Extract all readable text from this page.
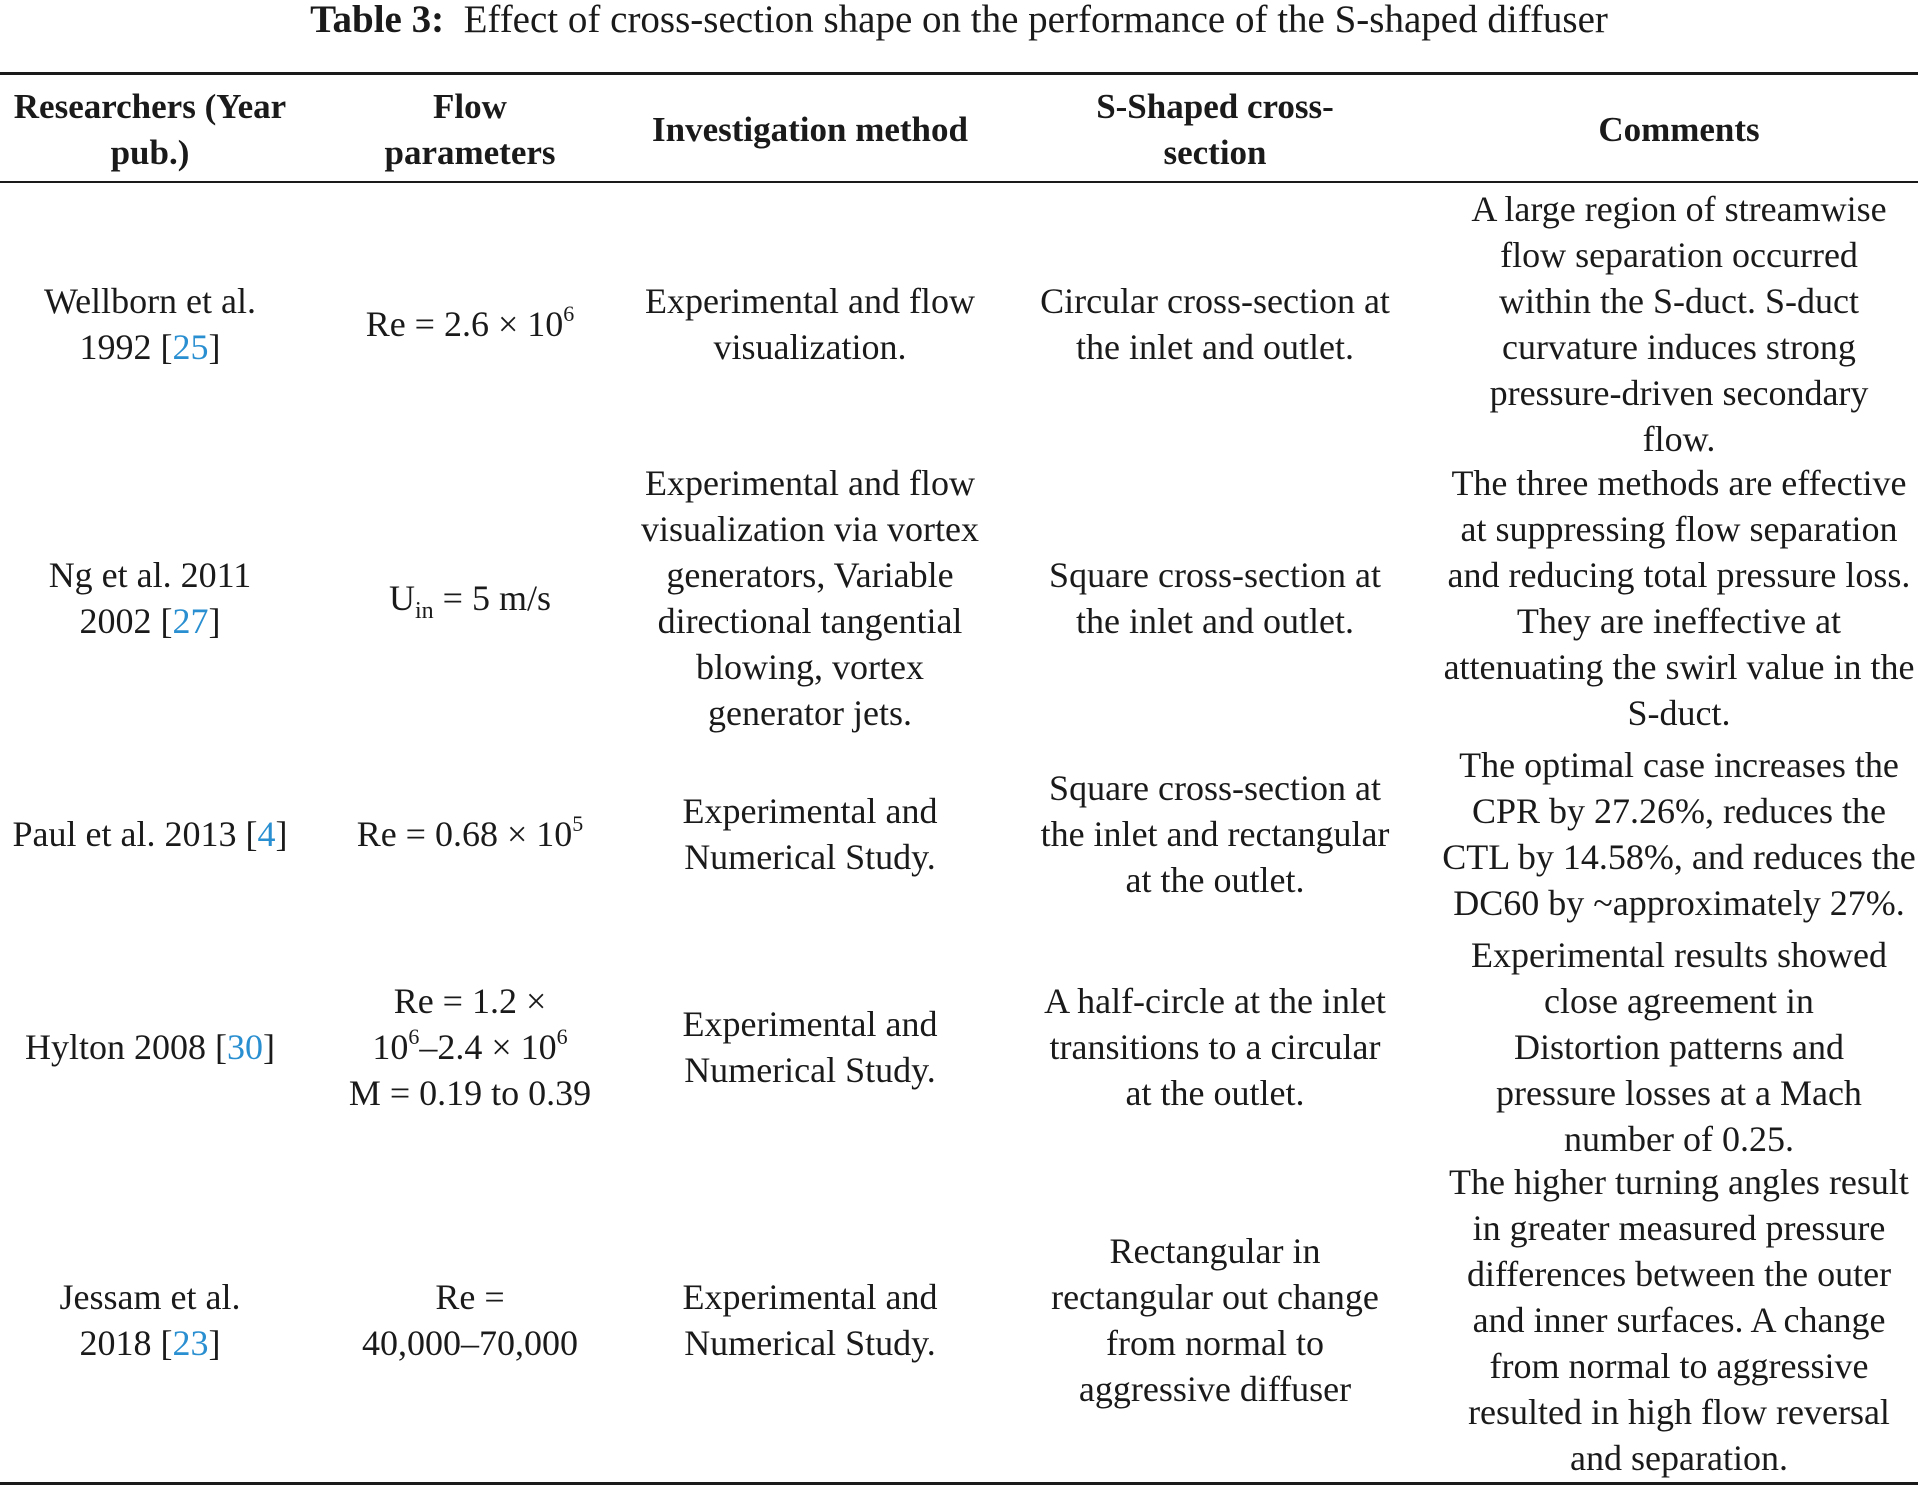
Table 3: Effect of cross-section shape on the performance of the S-shaped diffuser
Researchers (Year pub.)
Flow parameters
Investigation method
S-Shaped cross-section
Comments
Wellborn et al. 1992 [25]
$Re = 2.6 \times 10^6$	Experimental and flow visualization.
Circular cross-section at the inlet and outlet.
A large region of streamwise flow separation occurred within the S-duct. S-duct curvature induces strong pressure-driven secondary flow.
Ng et al. 2011 2002 [27]
$U_{in} = 5$ m/s
Experimental and flow visualization via vortex generators, Variable directional tangential blowing, vortex generator jets.
Square cross-section at the inlet and outlet.
The three methods are effective at suppressing flow separation and reducing total pressure loss. They are ineffective at attenuating the swirl value in the S-duct.
Paul et al. 2013 [4] $Re = 0.68 \times 10^5$	Experimental and Numerical Study.
Square cross-section at the inlet and rectangular at the outlet.
The optimal case increases the CPR by 27.26%, reduces the CTL by 14.58%, and reduces the DC60 by ~approximately 27%.
Hylton 2008 [30]
Re = 1.2 ×
$10^6-2.4 \times 10^6$
M = 0.19 to 0.39
Experimental and Numerical Study.
A half-circle at the inlet transitions to a circular at the outlet.
Experimental results showed close agreement in Distortion patterns and pressure losses at a Mach number of 0.25.
Jessam et al. 2018 [23]
Re =
40,000–70,000
Experimental and Numerical Study.
Rectangular in rectangular out change from normal to aggressive diffuser
The higher turning angles result in greater measured pressure differences between the outer and inner surfaces. A change from normal to aggressive resulted in high flow reversal and separation.
